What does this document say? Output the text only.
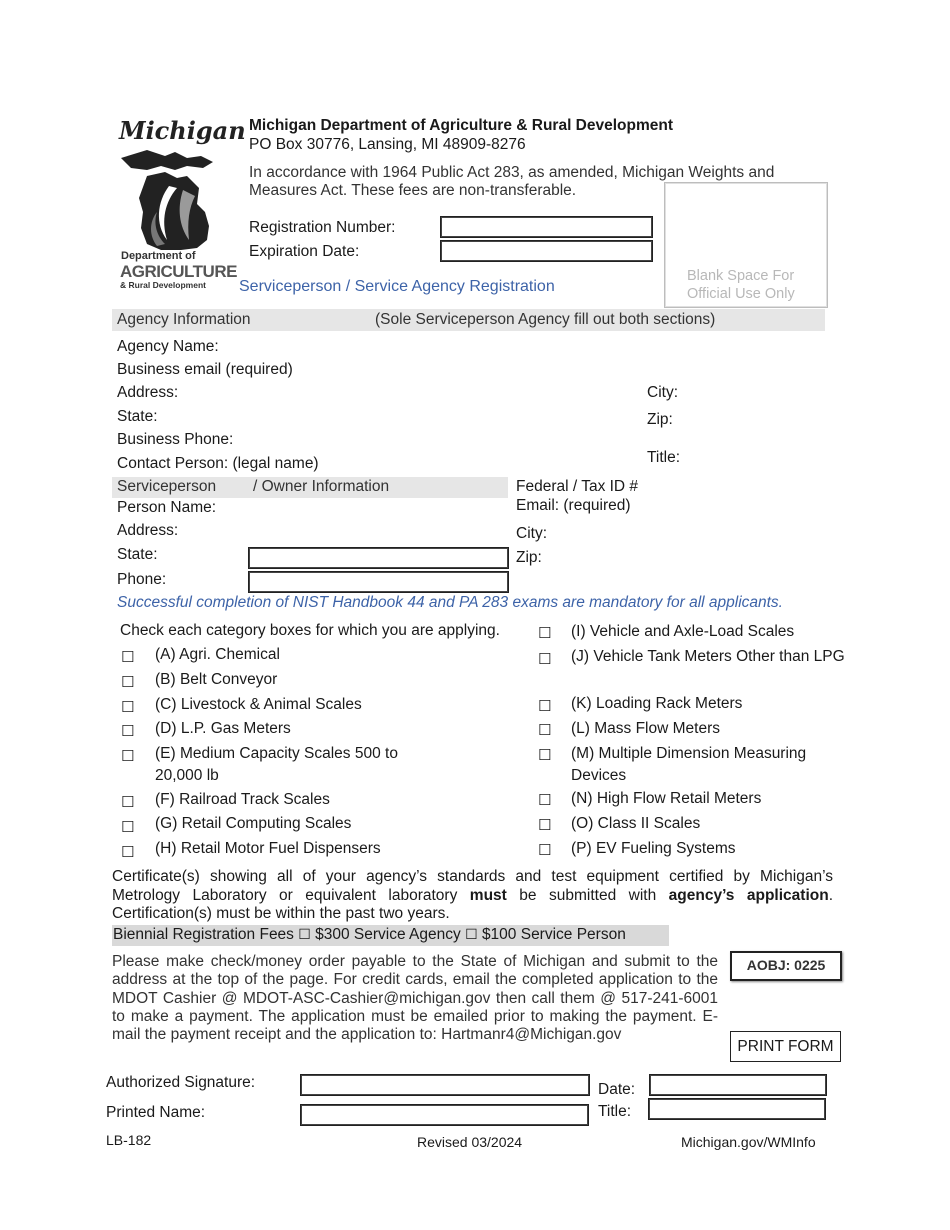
Michigan
Department of
AGRICULTURE
& Rural Development
Michigan Department of Agriculture & Rural Development
PO Box 30776, Lansing, MI 48909-8276
In accordance with 1964 Public Act 283, as amended, Michigan Weights and Measures Act. These fees are non-transferable.
Registration Number:
Expiration Date:
Serviceperson / Service Agency Registration
Blank Space For Official Use Only
Agency Information	(Sole Serviceperson Agency fill out both sections)
Agency Name:
Business email (required)
Address:	City:
State:	Zip:
Business Phone:
Contact Person: (legal name)	Title:
Serviceperson / Owner Information	Federal / Tax ID #
Person Name:	Email: (required)
Address:	City:
State:	Zip:
Phone:
Successful completion of NIST Handbook 44 and PA 283 exams are mandatory for all applicants.
Check each category boxes for which you are applying.
☐ (A) Agri. Chemical
☐ (B) Belt Conveyor
☐ (C) Livestock & Animal Scales
☐ (D) L.P. Gas Meters
☐ (E) Medium Capacity Scales 500 to 20,000 lb
☐ (F) Railroad Track Scales
☐ (G) Retail Computing Scales
☐ (H) Retail Motor Fuel Dispensers
☐ (I) Vehicle and Axle-Load Scales
☐ (J) Vehicle Tank Meters Other than LPG
☐ (K) Loading Rack Meters
☐ (L) Mass Flow Meters
☐ (M) Multiple Dimension Measuring Devices
☐ (N) High Flow Retail Meters
☐ (O) Class II Scales
☐ (P) EV Fueling Systems
Certificate(s) showing all of your agency’s standards and test equipment certified by Michigan’s Metrology Laboratory or equivalent laboratory must be submitted with agency’s application. Certification(s) must be within the past two years.
Biennial Registration Fees ☐ $300 Service Agency ☐ $100 Service Person
Please make check/money order payable to the State of Michigan and submit to the address at the top of the page. For credit cards, email the completed application to the MDOT Cashier @ MDOT-ASC-Cashier@michigan.gov then call them @ 517-241-6001 to make a payment. The application must be emailed prior to making the payment. E-mail the payment receipt and the application to: Hartmanr4@Michigan.gov
AOBJ: 0225
PRINT FORM
Authorized Signature:	Date:
Printed Name:	Title:
LB-182	Revised 03/2024	Michigan.gov/WMInfo
